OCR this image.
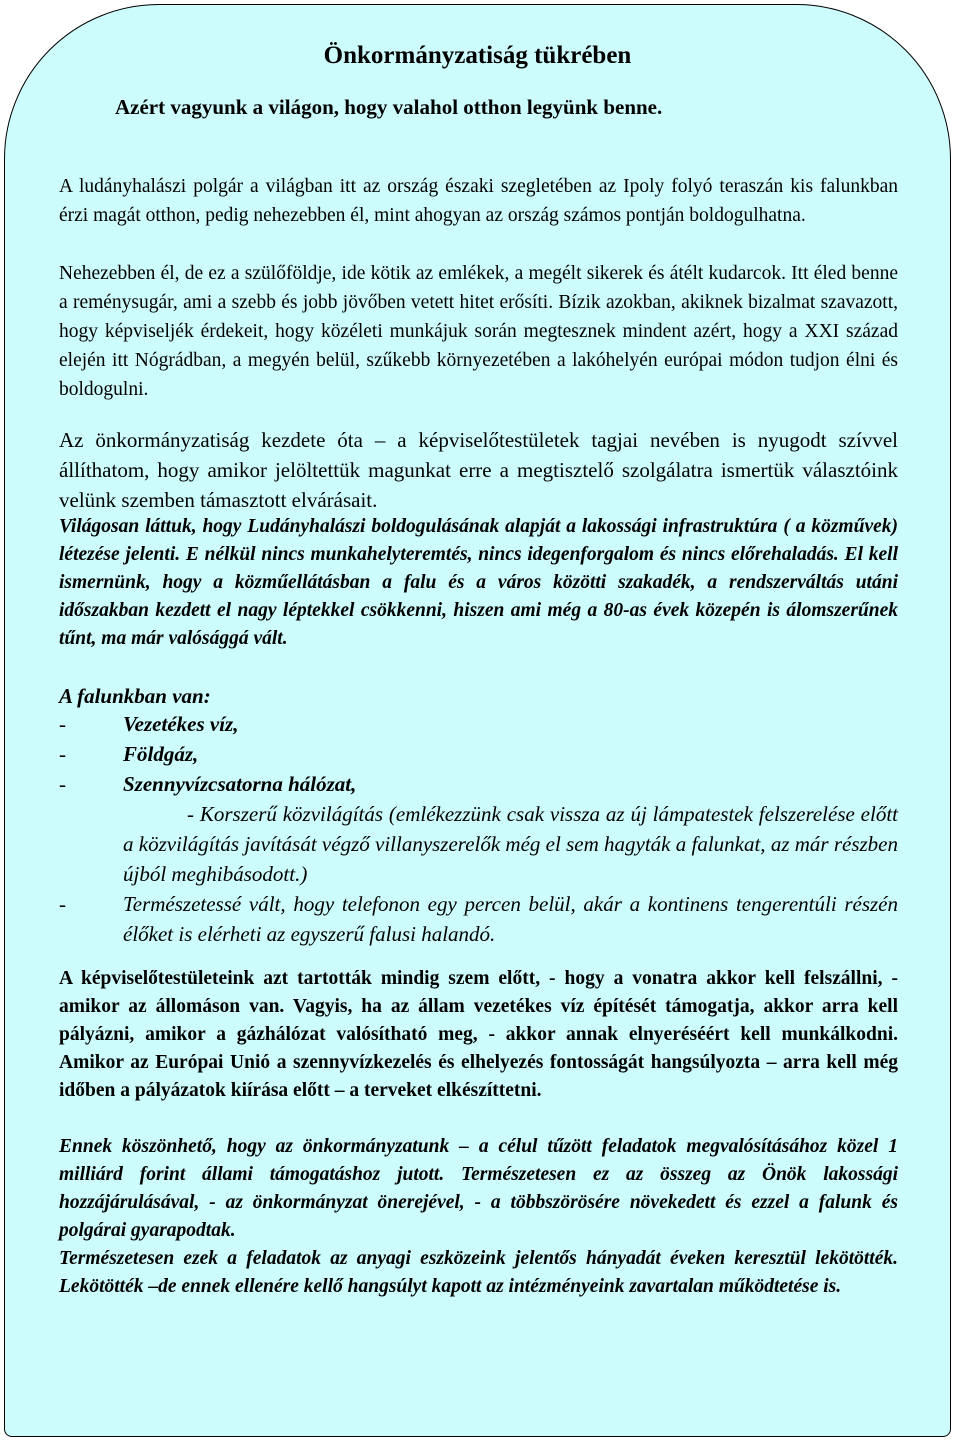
Önkormányzatiság tükrében
Azért vagyunk a világon, hogy valahol otthon legyünk benne.
A ludányhalászi polgár a világban itt az ország északi szegletében az Ipoly folyó teraszán kis falunkban érzi magát otthon, pedig nehezebben él, mint ahogyan az ország számos pontján boldogulhatna.
Nehezebben él, de ez a szülőföldje, ide kötik az emlékek, a megélt sikerek és átélt kudarcok. Itt éled benne a reménysugár, ami a szebb és jobb jövőben vetett hitet erősíti. Bízik azokban, akiknek bizalmat szavazott, hogy képviseljék érdekeit, hogy közéleti munkájuk során megtesznek mindent azért, hogy a XXI század elején itt Nógrádban, a megyén belül, szűkebb környezetében a lakóhelyén európai módon tudjon élni és boldogulni.
Az önkormányzatiság kezdete óta – a képviselőtestületek tagjai nevében is nyugodt szívvel állíthatom, hogy amikor jelöltettük magunkat erre a megtisztelő szolgálatra ismertük választóink velünk szemben támasztott elvárásait.
Világosan láttuk, hogy Ludányhalászi boldogulásának alapját a lakossági infrastruktúra ( a közművek) létezése jelenti. E nélkül nincs munkahelyteremtés, nincs idegenforgalom és nincs előrehaladás. El kell ismernünk, hogy a közműellátásban a falu és a város közötti szakadék, a rendszerváltás utáni időszakban kezdett el nagy léptekkel csökkenni, hiszen ami még a 80-as évek közepén is álomszerűnek tűnt, ma már valósággá vált.
A falunkban van:
-	Vezetékes víz,
-	Földgáz,
-	Szennyvízcsatorna hálózat,
- Korszerű közvilágítás (emlékezzünk csak vissza az új lámpatestek felszerelése előtt a közvilágítás javítását végző villanyszerelők még el sem hagyták a falunkat, az már részben újból meghibásodott.)
-	Természetessé vált, hogy telefonon egy percen belül, akár a kontinens tengerentúli részén élőket is elérheti az egyszerű falusi halandó.
A képviselőtestületeink azt tartották mindig szem előtt, - hogy a vonatra akkor kell felszállni, - amikor az állomáson van. Vagyis, ha az állam vezetékes víz építését támogatja, akkor arra kell pályázni, amikor a gázhálózat valósítható meg, - akkor annak elnyeréséért kell munkálkodni. Amikor az Európai Unió a szennyvízkezelés és elhelyezés fontosságát hangsúlyozta – arra kell még időben a pályázatok kiírása előtt – a terveket elkészíttetni.
Ennek köszönhető, hogy az önkormányzatunk – a célul tűzött feladatok megvalósításához közel 1 milliárd forint állami támogatáshoz jutott. Természetesen ez az összeg az Önök lakossági hozzájárulásával, - az önkormányzat önerejével, - a többszörösére növekedett és ezzel a falunk és polgárai gyarapodtak.
Természetesen ezek a feladatok az anyagi eszközeink jelentős hányadát éveken keresztül lekötötték. Lekötötték –de ennek ellenére kellő hangsúlyt kapott az intézményeink zavartalan működtetése is.
